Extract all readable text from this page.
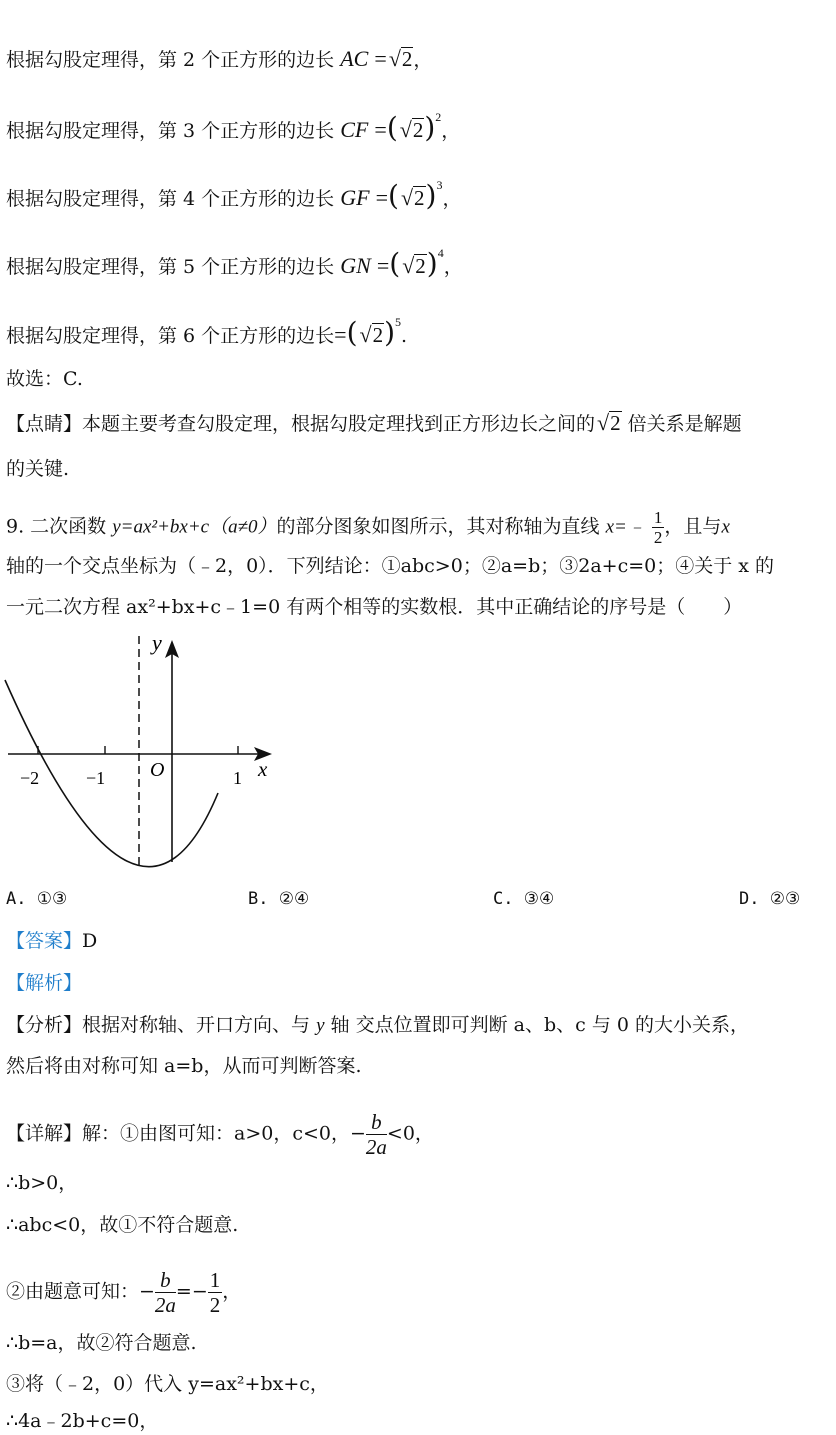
根据勾股定理得，第 2 个正方形的边长 AC =√2，
根据勾股定理得，第 3 个正方形的边长 CF $=(√2)^2$，
根据勾股定理得，第 4 个正方形的边长 GF $=(√2)^3$，
根据勾股定理得，第 5 个正方形的边长 GN $=(√2)^4$，
根据勾股定理得，第 6 个正方形的边长$=(√2)^5$.
故选：C.
【点睛】本题主要考查勾股定理，根据勾股定理找到正方形边长之间的√2 倍关系是解题
的关键.
9. 二次函数 y=ax²+bx+c（a≠0）的部分图象如图所示，其对称轴为直线 x=﹣ $\frac{1}{2}$ ，且与x
轴的一个交点坐标为（﹣2，0）．下列结论：①abc>0；②a=b；③2a+c=0；④关于 x 的
一元二次方程 ax²+bx+c﹣1=0 有两个相等的实数根．其中正确结论的序号是（　　）
y
x
O
−2	−1	1
A. ①③	B. ②④	C. ③④	D. ②③
【答案】D
【解析】
【分析】根据对称轴、开口方向、与 y 轴 交点位置即可判断 a、b、c 与 0 的大小关系，
然后将由对称可知 a=b，从而可判断答案.
【详解】解：①由图可知：a>0，c<0，− $\frac{b}{2a} <0$，
∴b>0，
∴abc<0，故①不符合题意.
②由题意可知：− $\frac{b}{2a} =- \frac{1}{2}$ ，
∴b=a，故②符合题意.
③将（﹣2，0）代入 y=ax²+bx+c，
∴4a﹣2b+c=0，
